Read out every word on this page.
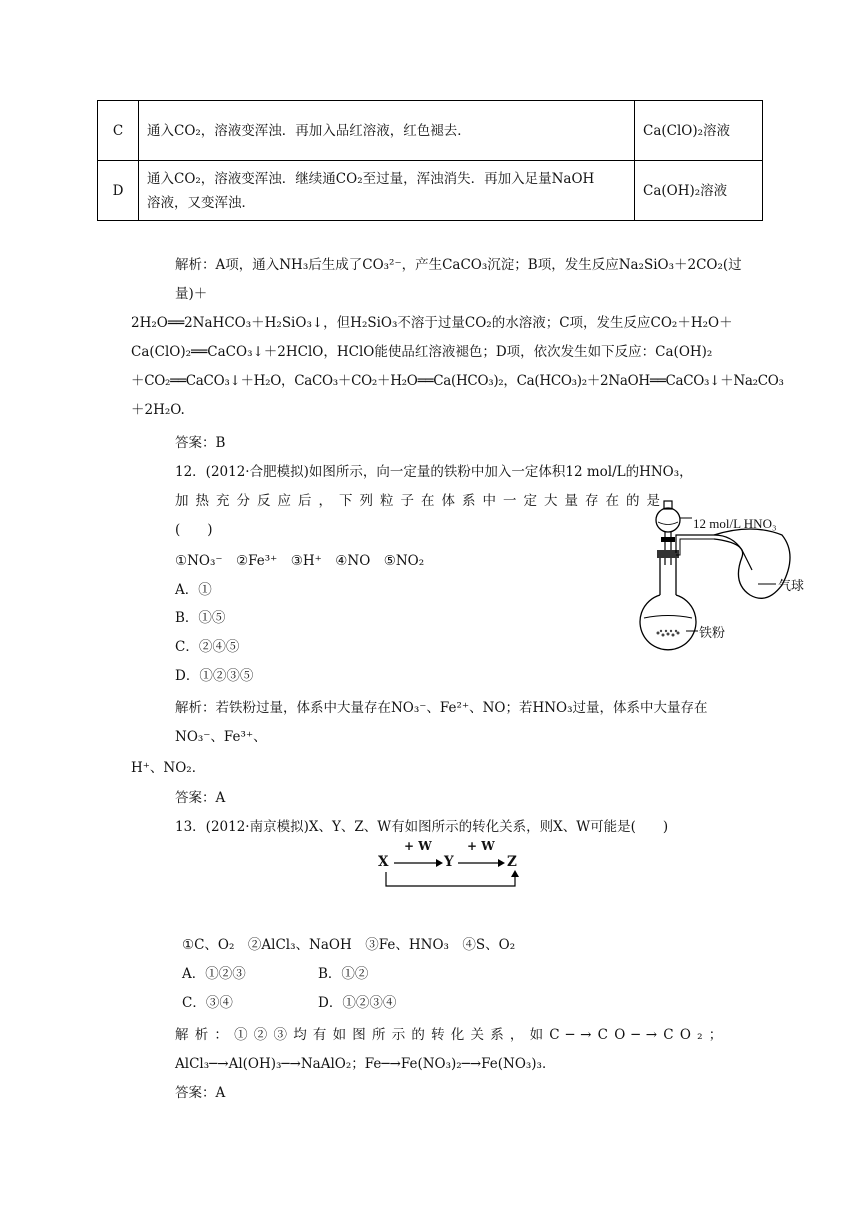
C	通入CO₂，溶液变浑浊．再加入品红溶液，红色褪去．	Ca(ClO)₂溶液
D	通入CO₂，溶液变浑浊．继续通CO₂至过量，浑浊消失．再加入足量NaOH
溶液，又变浑浊．	Ca(OH)₂溶液
解析：A项，通入NH₃后生成了CO₃²⁻，产生CaCO₃沉淀；B项，发生反应Na₂SiO₃＋2CO₂(过
量)＋
2H₂O══2NaHCO₃＋H₂SiO₃↓，但H₂SiO₃不溶于过量CO₂的水溶液；C项，发生反应CO₂＋H₂O＋
Ca(ClO)₂══CaCO₃↓＋2HClO，HClO能使品红溶液褪色；D项，依次发生如下反应：Ca(OH)₂
＋CO₂══CaCO₃↓＋H₂O，CaCO₃＋CO₂＋H₂O══Ca(HCO₃)₂，Ca(HCO₃)₂＋2NaOH══CaCO₃↓＋Na₂CO₃
＋2H₂O.
答案：B
12．(2012·合肥模拟)如图所示，向一定量的铁粉中加入一定体积12 mol/L的HNO₃，
加热充分反应后，下列粒子在体系中一定大量存在的是
(　　)
①NO₃⁻　②Fe³⁺　③H⁺　④NO　⑤NO₂
A．①
B．①⑤
C．②④⑤
D．①②③⑤
解析：若铁粉过量，体系中大量存在NO₃⁻、Fe²⁺、NO；若HNO₃过量，体系中大量存在
NO₃⁻、Fe³⁺、
H⁺、NO₂．
答案：A
12 mol/L HNO₃
气球
铁粉
13．(2012·南京模拟)X、Y、Z、W有如图所示的转化关系，则X、W可能是(　　)
X	Y	Z
+ W	+ W
①C、O₂　②AlCl₃、NaOH　③Fe、HNO₃　④S、O₂
A．①②③	B．①②
C．③④	D．①②③④
解析：①②③均有如图所示的转化关系，如C─→CO─→CO₂；
AlCl₃─→Al(OH)₃─→NaAlO₂；Fe─→Fe(NO₃)₂─→Fe(NO₃)₃．
答案：A
